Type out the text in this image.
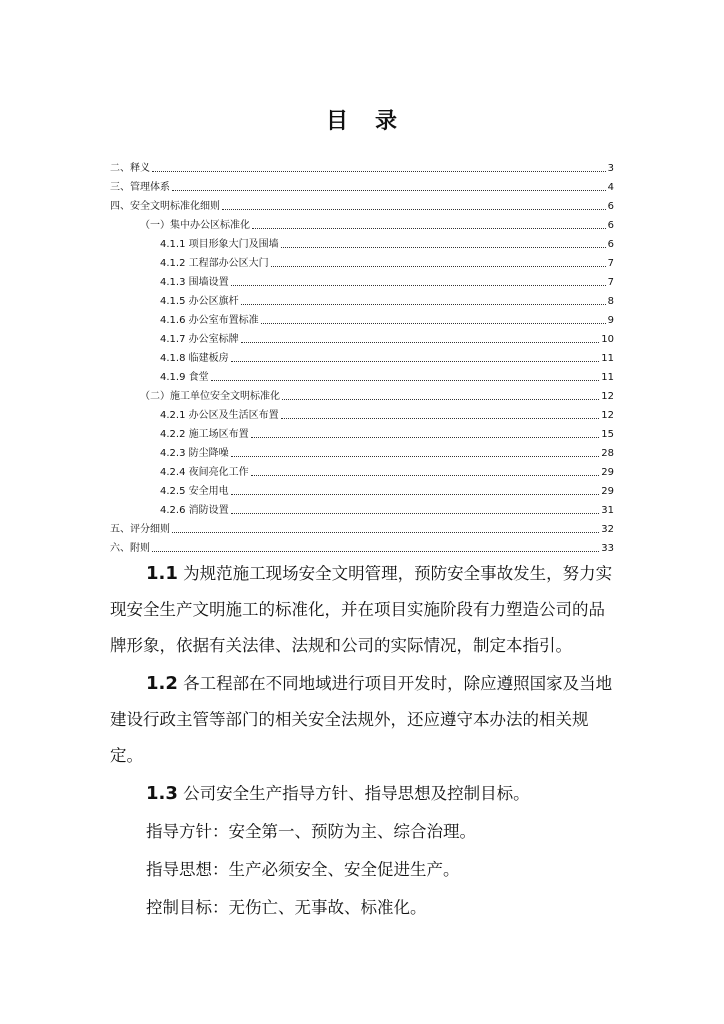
目 录
二、释义	3
三、管理体系	4
四、安全文明标准化细则	6
（一）集中办公区标准化	6
4.1.1 项目形象大门及围墙	6
4.1.2 工程部办公区大门	7
4.1.3 围墙设置	7
4.1.5 办公区旗杆	8
4.1.6 办公室布置标准	9
4.1.7 办公室标牌	10
4.1.8 临建板房	11
4.1.9 食堂	11
（二）施工单位安全文明标准化	12
4.2.1 办公区及生活区布置	12
4.2.2 施工场区布置	15
4.2.3 防尘降噪	28
4.2.4 夜间亮化工作	29
4.2.5 安全用电	29
4.2.6 消防设置	31
五、评分细则	32
六、附则	33

1.1 为规范施工现场安全文明管理，预防安全事故发生，努力实现安全生产文明施工的标准化，并在项目实施阶段有力塑造公司的品牌形象，依据有关法律、法规和公司的实际情况，制定本指引。

1.2 各工程部在不同地域进行项目开发时，除应遵照国家及当地建设行政主管等部门的相关安全法规外，还应遵守本办法的相关规定。

1.3 公司安全生产指导方针、指导思想及控制目标。

指导方针：安全第一、预防为主、综合治理。
指导思想：生产必须安全、安全促进生产。
控制目标：无伤亡、无事故、标准化。
